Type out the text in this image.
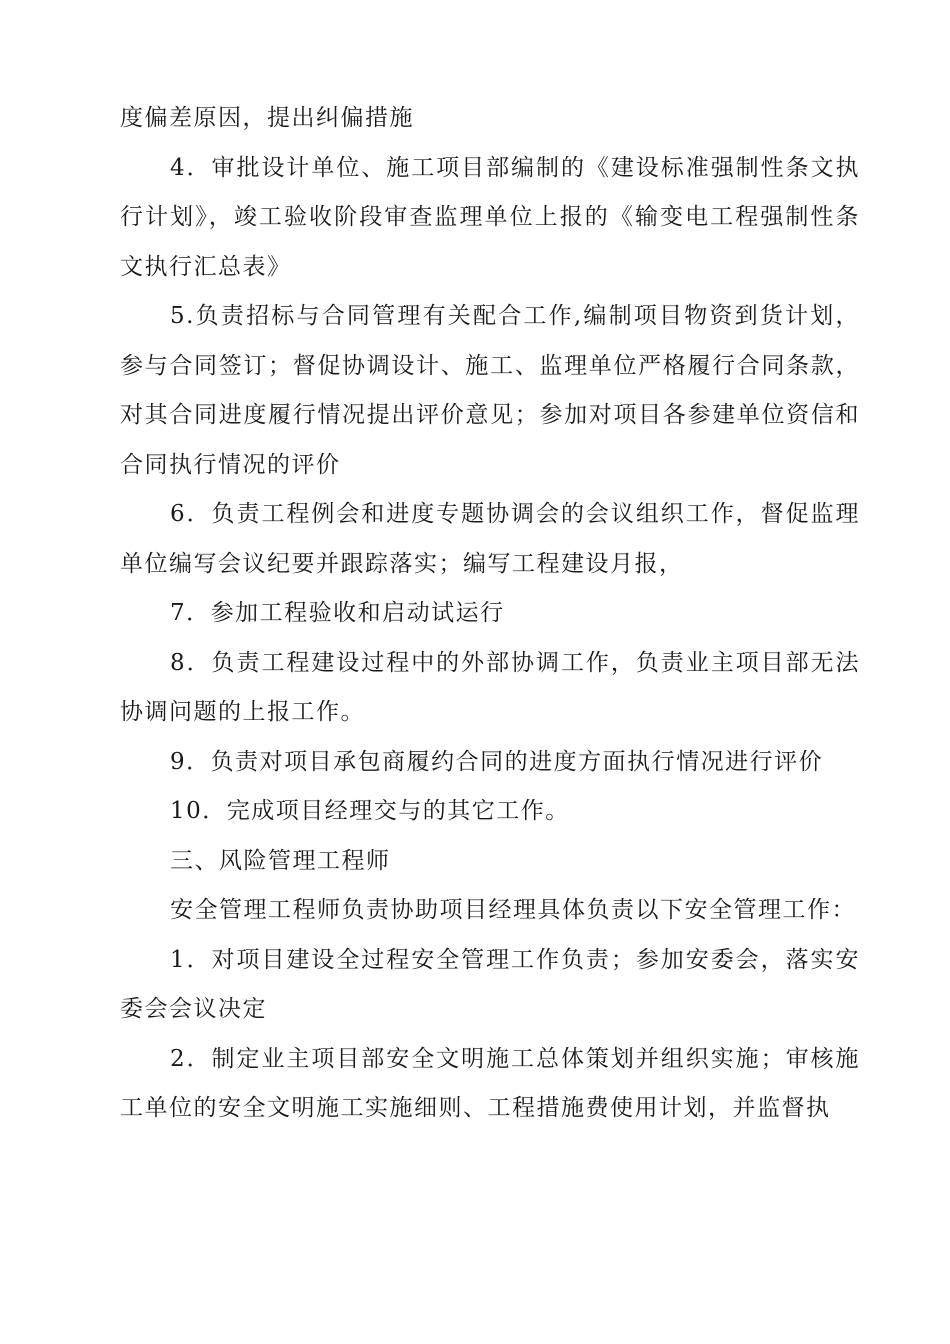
度偏差原因，提出纠偏措施

4．审批设计单位、施工项目部编制的《建设标准强制性条文执行计划》，竣工验收阶段审查监理单位上报的《输变电工程强制性条文执行汇总表》

5.负责招标与合同管理有关配合工作,编制项目物资到货计划，参与合同签订；督促协调设计、施工、监理单位严格履行合同条款，对其合同进度履行情况提出评价意见；参加对项目各参建单位资信和合同执行情况的评价

6．负责工程例会和进度专题协调会的会议组织工作，督促监理单位编写会议纪要并跟踪落实；编写工程建设月报，

7．参加工程验收和启动试运行

8．负责工程建设过程中的外部协调工作，负责业主项目部无法协调问题的上报工作。

9．负责对项目承包商履约合同的进度方面执行情况进行评价

10．完成项目经理交与的其它工作。

三、风险管理工程师

安全管理工程师负责协助项目经理具体负责以下安全管理工作：

1．对项目建设全过程安全管理工作负责；参加安委会，落实安委会会议决定

2．制定业主项目部安全文明施工总体策划并组织实施；审核施工单位的安全文明施工实施细则、工程措施费使用计划，并监督执
